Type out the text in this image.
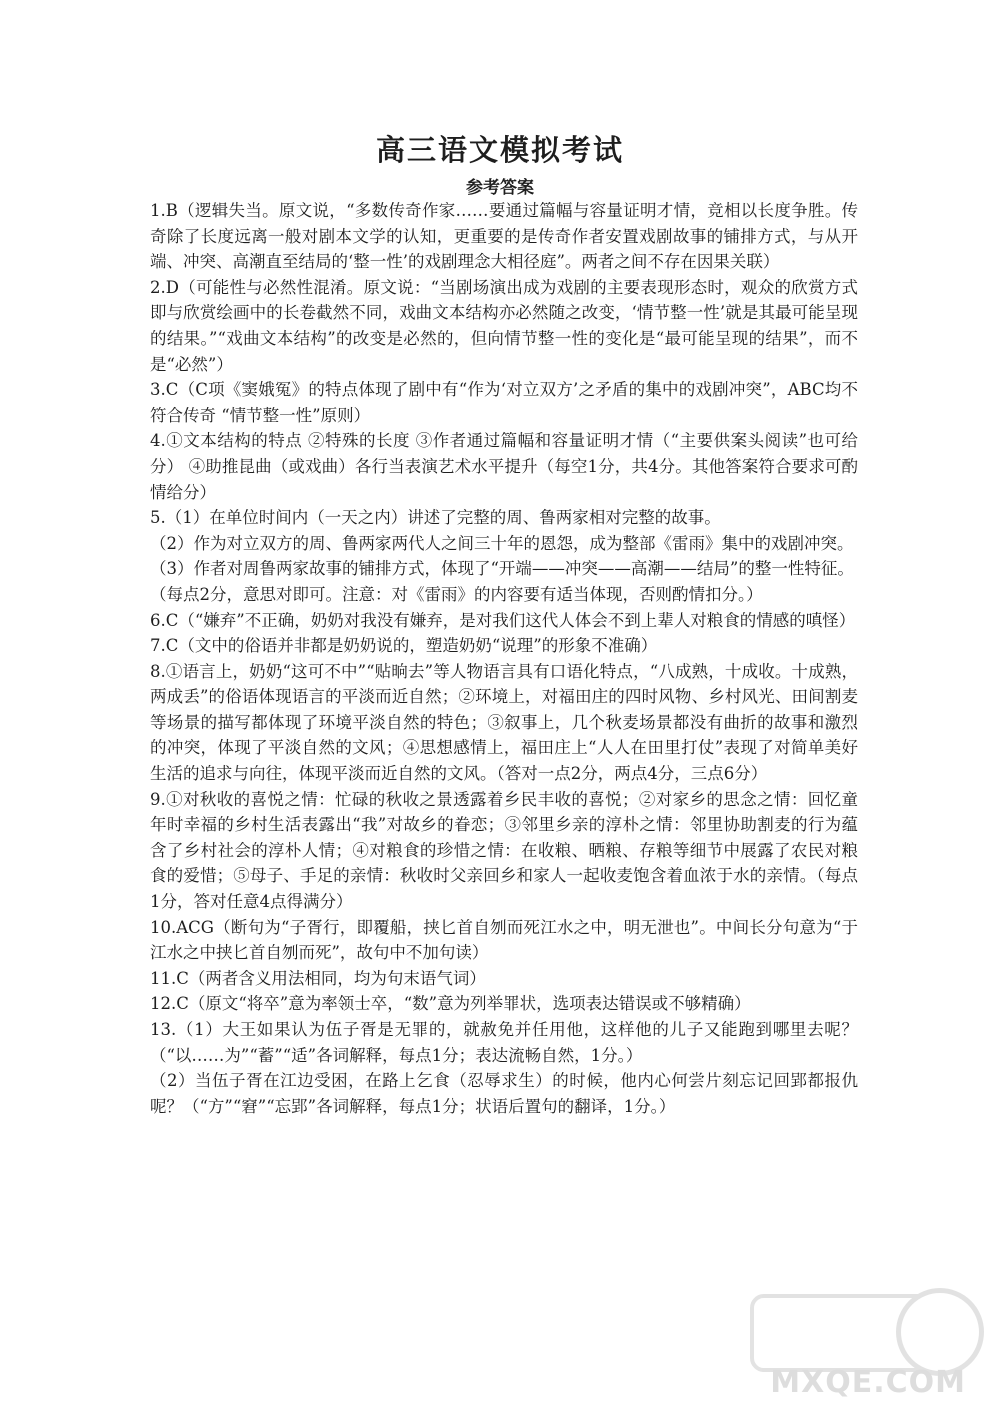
高三语文模拟考试
参考答案

1.B（逻辑失当。原文说，“多数传奇作家……要通过篇幅与容量证明才情，竞相以长度争胜。传奇除了长度远离一般对剧本文学的认知，更重要的是传奇作者安置戏剧故事的铺排方式，与从开端、冲突、高潮直至结局的‘整一性’的戏剧理念大相径庭”。两者之间不存在因果关联）

2.D（可能性与必然性混淆。原文说：“当剧场演出成为戏剧的主要表现形态时，观众的欣赏方式即与欣赏绘画中的长卷截然不同，戏曲文本结构亦必然随之改变，‘情节整一性’就是其最可能呈现的结果。”“戏曲文本结构”的改变是必然的，但向情节整一性的变化是“最可能呈现的结果”，而不是“必然”）

3.C（C项《窦娥冤》的特点体现了剧中有“作为‘对立双方’之矛盾的集中的戏剧冲突”，ABC均不符合传奇 “情节整一性”原则）

4.①文本结构的特点 ②特殊的长度 ③作者通过篇幅和容量证明才情（“主要供案头阅读”也可给分） ④助推昆曲（或戏曲）各行当表演艺术水平提升（每空1分，共4分。其他答案符合要求可酌情给分）

5.（1）在单位时间内（一天之内）讲述了完整的周、鲁两家相对完整的故事。

（2）作为对立双方的周、鲁两家两代人之间三十年的恩怨，成为整部《雷雨》集中的戏剧冲突。

（3）作者对周鲁两家故事的铺排方式，体现了“开端——冲突——高潮——结局”的整一性特征。

（每点2分，意思对即可。注意：对《雷雨》的内容要有适当体现，否则酌情扣分。）

6.C（“嫌弃”不正确，奶奶对我没有嫌弃，是对我们这代人体会不到上辈人对粮食的情感的嗔怪）

7.C（文中的俗语并非都是奶奶说的，塑造奶奶“说理”的形象不准确）

8.①语言上，奶奶“这可不中”“贴晌去”等人物语言具有口语化特点，“八成熟，十成收。十成熟，两成丢”的俗语体现语言的平淡而近自然；②环境上，对福田庄的四时风物、乡村风光、田间割麦等场景的描写都体现了环境平淡自然的特色；③叙事上，几个秋麦场景都没有曲折的故事和激烈的冲突，体现了平淡自然的文风；④思想感情上，福田庄上“人人在田里打仗”表现了对简单美好生活的追求与向往，体现平淡而近自然的文风。（答对一点2分，两点4分，三点6分）

9.①对秋收的喜悦之情：忙碌的秋收之景透露着乡民丰收的喜悦；②对家乡的思念之情：回忆童年时幸福的乡村生活表露出“我”对故乡的眷恋；③邻里乡亲的淳朴之情：邻里协助割麦的行为蕴含了乡村社会的淳朴人情；④对粮食的珍惜之情：在收粮、晒粮、存粮等细节中展露了农民对粮食的爱惜；⑤母子、手足的亲情：秋收时父亲回乡和家人一起收麦饱含着血浓于水的亲情。（每点1分，答对任意4点得满分）

10.ACG（断句为“子胥行，即覆船，挟匕首自刎而死江水之中，明无泄也”。中间长分句意为“于江水之中挟匕首自刎而死”，故句中不加句读）

11.C（两者含义用法相同，均为句末语气词）

12.C（原文“将卒”意为率领士卒，“数”意为列举罪状，选项表达错误或不够精确）

13.（1）大王如果认为伍子胥是无罪的，就赦免并任用他，这样他的儿子又能跑到哪里去呢？（“以……为”“蓄”“适”各词解释，每点1分；表达流畅自然，1分。）

（2）当伍子胥在江边受困，在路上乞食（忍辱求生）的时候，他内心何尝片刻忘记回郢都报仇呢？（“方”“窘”“忘郢”各词解释，每点1分；状语后置句的翻译，1分。）

MXQE.COM
